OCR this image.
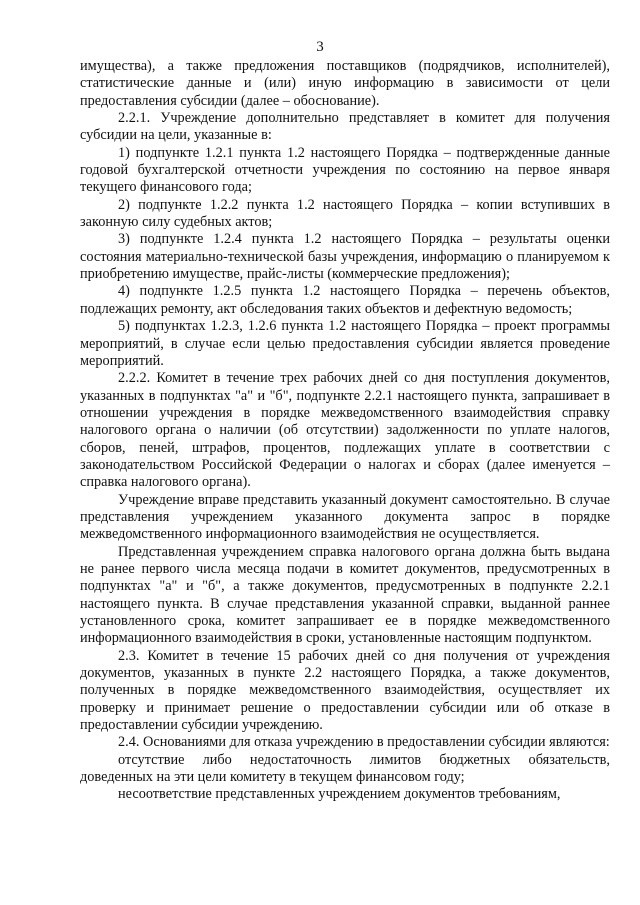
3

имущества), а также предложения поставщиков (подрядчиков, исполнителей), статистические данные и (или) иную информацию в зависимости от цели предоставления субсидии (далее – обоснование).

2.2.1. Учреждение дополнительно представляет в комитет для получения субсидии на цели, указанные в:

1) подпункте 1.2.1 пункта 1.2 настоящего Порядка – подтвержденные данные годовой бухгалтерской отчетности учреждения по состоянию на первое января текущего финансового года;

2) подпункте 1.2.2 пункта 1.2 настоящего Порядка – копии вступивших в законную силу судебных актов;

3) подпункте 1.2.4 пункта 1.2 настоящего Порядка – результаты оценки состояния материально-технической базы учреждения, информацию о планируемом к приобретению имуществе, прайс-листы (коммерческие предложения);

4) подпункте 1.2.5 пункта 1.2 настоящего Порядка – перечень объектов, подлежащих ремонту, акт обследования таких объектов и дефектную ведомость;

5) подпунктах 1.2.3, 1.2.6 пункта 1.2 настоящего Порядка – проект программы мероприятий, в случае если целью предоставления субсидии является проведение мероприятий.

2.2.2. Комитет в течение трех рабочих дней со дня поступления документов, указанных в подпунктах "а" и "б", подпункте 2.2.1 настоящего пункта, запрашивает в отношении учреждения в порядке межведомственного взаимодействия справку налогового органа о наличии (об отсутствии) задолженности по уплате налогов, сборов, пеней, штрафов, процентов, подлежащих уплате в соответствии с законодательством Российской Федерации о налогах и сборах (далее именуется – справка налогового органа).

Учреждение вправе представить указанный документ самостоятельно. В случае представления учреждением указанного документа запрос в порядке межведомственного информационного взаимодействия не осуществляется.

Представленная учреждением справка налогового органа должна быть выдана не ранее первого числа месяца подачи в комитет документов, предусмотренных в подпунктах "а" и "б", а также документов, предусмотренных в подпункте 2.2.1 настоящего пункта. В случае представления указанной справки, выданной раннее установленного срока, комитет запрашивает ее в порядке межведомственного информационного взаимодействия в сроки, установленные настоящим подпунктом.

2.3. Комитет в течение 15 рабочих дней со дня получения от учреждения документов, указанных в пункте 2.2 настоящего Порядка, а также документов, полученных в порядке межведомственного взаимодействия, осуществляет их проверку и принимает решение о предоставлении субсидии или об отказе в предоставлении субсидии учреждению.

2.4. Основаниями для отказа учреждению в предоставлении субсидии являются:

отсутствие либо недостаточность лимитов бюджетных обязательств, доведенных на эти цели комитету в текущем финансовом году;

несоответствие представленных учреждением документов требованиям,
